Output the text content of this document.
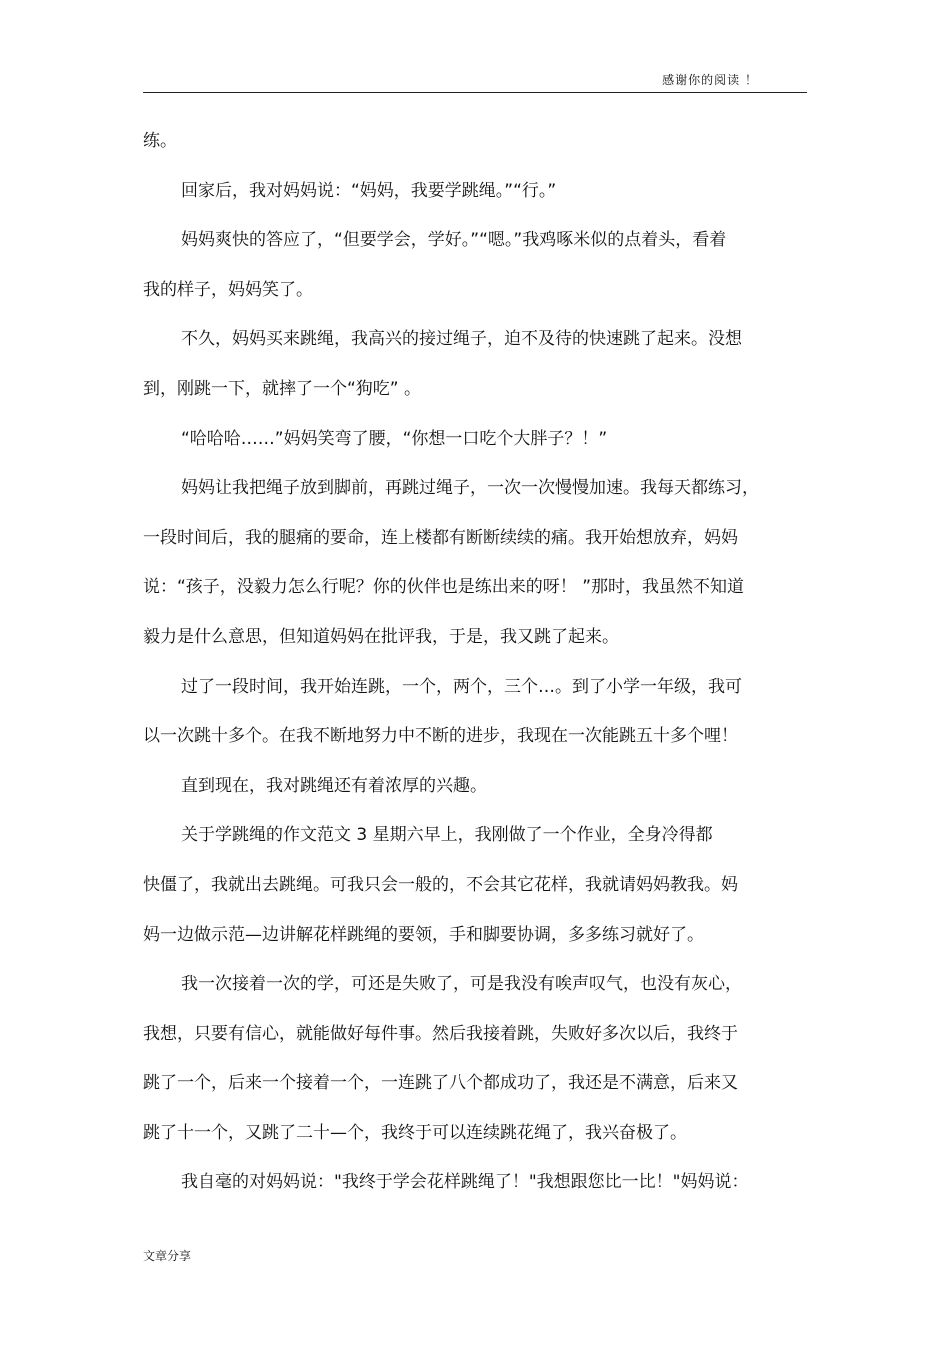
感谢你的阅读 ！
练。
回家后，我对妈妈说：“妈妈，我要学跳绳。”“行。”
妈妈爽快的答应了，“但要学会，学好。”“嗯。”我鸡啄米似的点着头，看着
我的样子，妈妈笑了。
不久，妈妈买来跳绳，我高兴的接过绳子，迫不及待的快速跳了起来。没想
到，刚跳一下，就摔了一个“狗吃” 。
“哈哈哈……”妈妈笑弯了腰，“你想一口吃个大胖子？！”
妈妈让我把绳子放到脚前，再跳过绳子，一次一次慢慢加速。我每天都练习，
一段时间后，我的腿痛的要命，连上楼都有断断续续的痛。我开始想放弃，妈妈
说：“孩子，没毅力怎么行呢？你的伙伴也是练出来的呀！ ”那时，我虽然不知道
毅力是什么意思，但知道妈妈在批评我，于是，我又跳了起来。
过了一段时间，我开始连跳，一个，两个，三个…。到了小学一年级，我可
以一次跳十多个。在我不断地努力中不断的进步，我现在一次能跳五十多个哩！
直到现在，我对跳绳还有着浓厚的兴趣。
关于学跳绳的作文范文 3 星期六早上，我刚做了一个作业，全身冷得都
快僵了，我就出去跳绳。可我只会一般的，不会其它花样，我就请妈妈教我。妈
妈一边做示范—边讲解花样跳绳的要领，手和脚要协调，多多练习就好了。
我一次接着一次的学，可还是失败了，可是我没有唉声叹气，也没有灰心，
我想，只要有信心，就能做好每件事。然后我接着跳，失败好多次以后，我终于
跳了一个，后来一个接着一个，一连跳了八个都成功了，我还是不满意，后来又
跳了十一个，又跳了二十—个，我终于可以连续跳花绳了，我兴奋极了。
我自毫的对妈妈说："我终于学会花样跳绳了！"我想跟您比一比！"妈妈说：
文章分享
